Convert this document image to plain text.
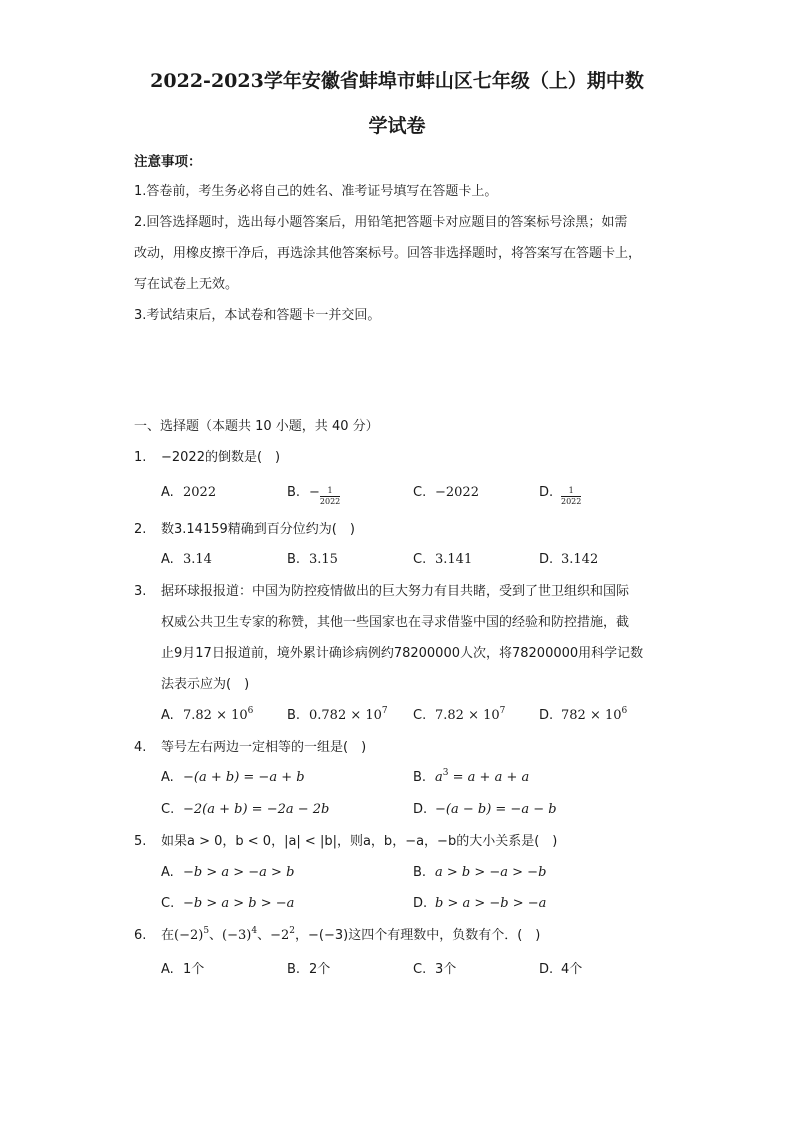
2022-2023学年安徽省蚌埠市蚌山区七年级（上）期中数
学试卷
注意事项：
1.答卷前，考生务必将自己的姓名、准考证号填写在答题卡上。
2.回答选择题时，选出每小题答案后，用铅笔把答题卡对应题目的答案标号涂黑；如需
改动，用橡皮擦干净后，再选涂其他答案标号。回答非选择题时，将答案写在答题卡上，
写在试卷上无效。
3.考试结束后，本试卷和答题卡一并交回。
一、选择题（本题共 10 小题，共 40 分）
1. −2022的倒数是(　)
A. 2022	B. − $\frac{1}{2022}$	C. −2022	D. $\frac{1}{2022}$
2. 数3.14159精确到百分位约为(　)
A. 3.14	B. 3.15	C. 3.141	D. 3.142
3. 据环球报报道：中国为防控疫情做出的巨大努力有目共睹，受到了世卫组织和国际
权威公共卫生专家的称赞，其他一些国家也在寻求借鉴中国的经验和防控措施，截
止9月17日报道前，境外累计确诊病例约78200000人次，将78200000用科学记数
法表示应为(　)
A. $7.82 \times 10^6$	B. $0.782 \times 10^7$ C. $7.82 \times 10^7$	D. $782 \times 10^6$
4. 等号左右两边一定相等的一组是(　)
A. −(a + b) = −a + b	B. $a^3 = a + a + a$
C. −2(a + b) = −2a − 2b	D. −(a − b) = −a − b
5. 如果a > 0，b < 0，|a| < |b|，则a，b，−a，−b的大小关系是(　)
A. −b > a > −a > b	B. a > b > −a > −b
C. −b > a > b > −a	D. b > a > −b > −a
6. 在$(-2)^5$、$(-3)^4$、$-2^2$，−(−3)这四个有理数中，负数有个．(　)
A. 1个	B. 2个	C. 3个	D. 4个
